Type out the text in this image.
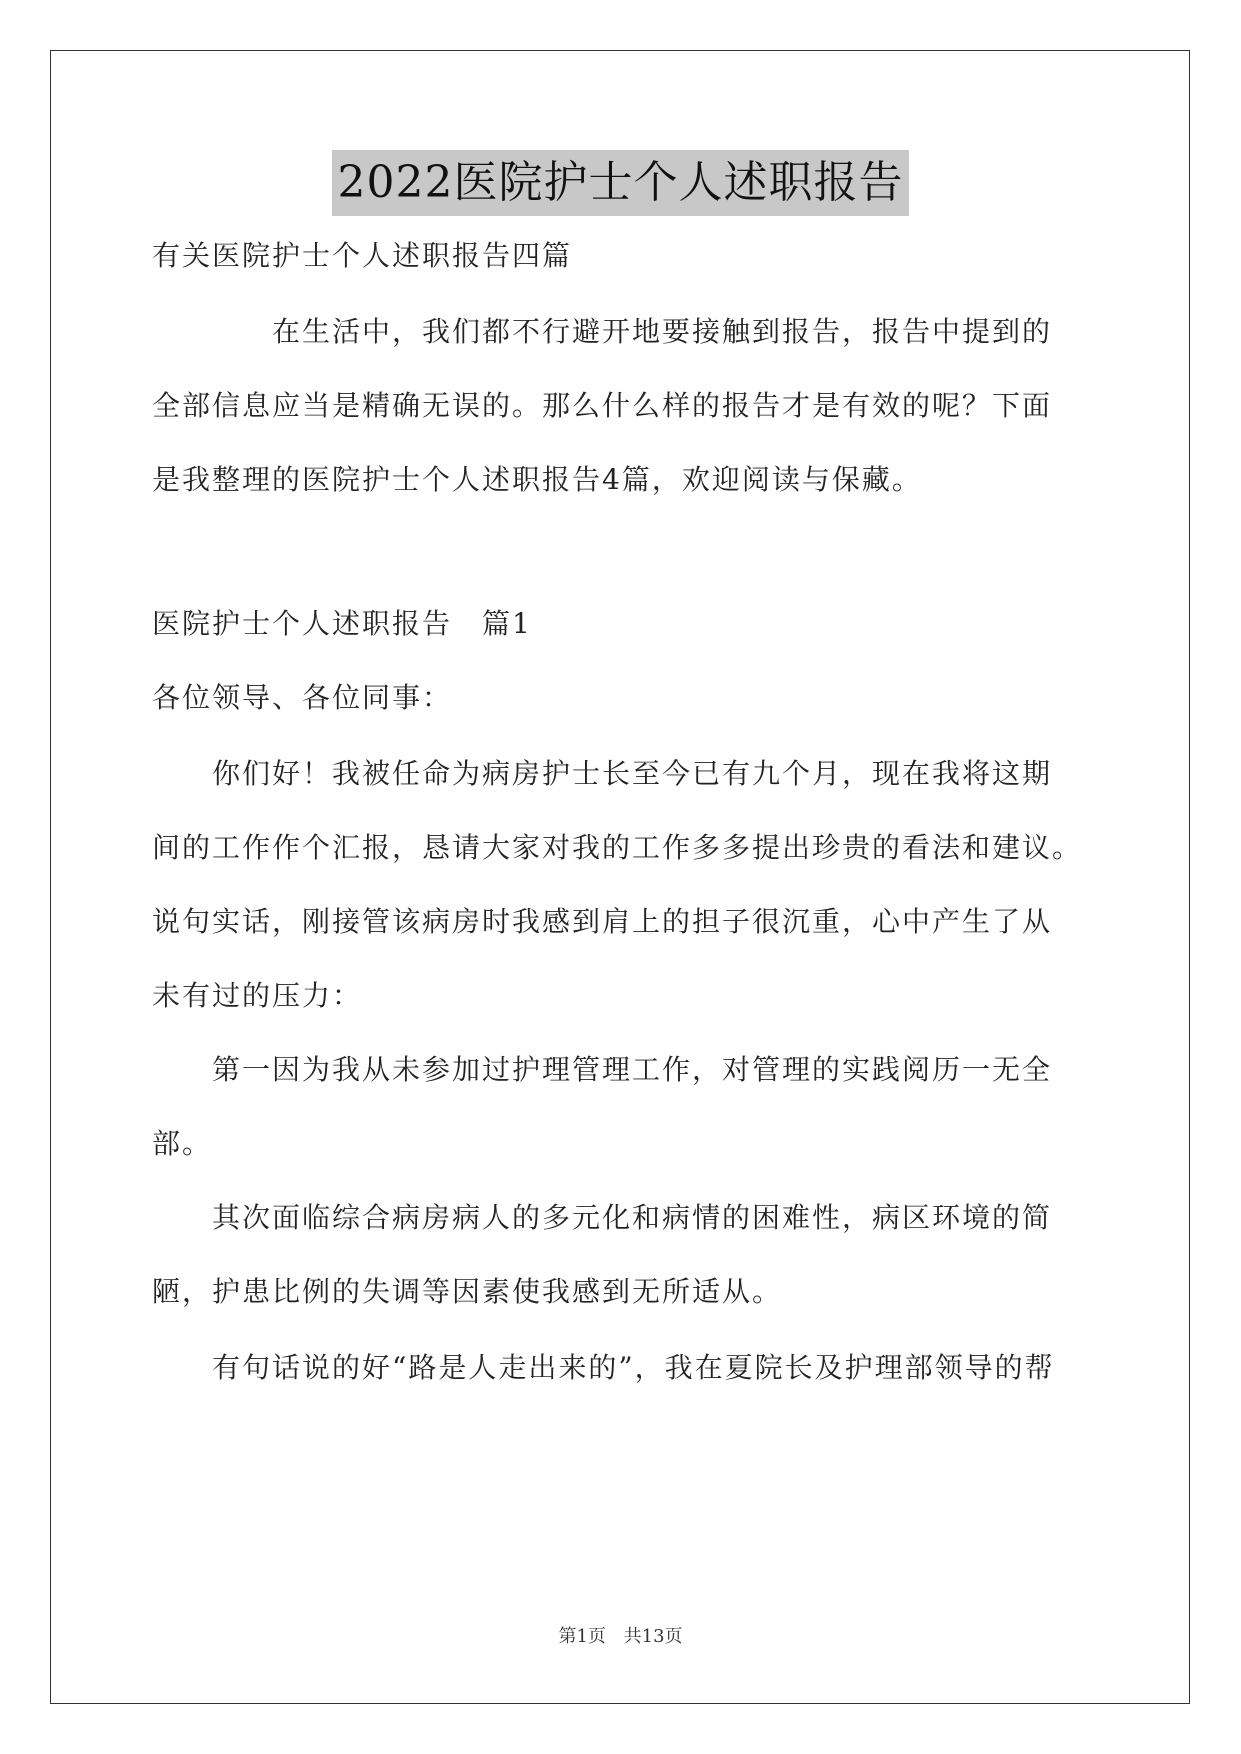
2022医院护士个人述职报告
有关医院护士个人述职报告四篇
　　　　在生活中，我们都不行避开地要接触到报告，报告中提到的
全部信息应当是精确无误的。那么什么样的报告才是有效的呢？下面
是我整理的医院护士个人述职报告4篇，欢迎阅读与保藏。
医院护士个人述职报告　篇1
各位领导、各位同事：
　　你们好！我被任命为病房护士长至今已有九个月，现在我将这期
间的工作作个汇报，恳请大家对我的工作多多提出珍贵的看法和建议。
说句实话，刚接管该病房时我感到肩上的担子很沉重，心中产生了从
未有过的压力：
　　第一因为我从未参加过护理管理工作，对管理的实践阅历一无全
部。
　　其次面临综合病房病人的多元化和病情的困难性，病区环境的简
陋，护患比例的失调等因素使我感到无所适从。
　　有句话说的好“路是人走出来的”，我在夏院长及护理部领导的帮
第1页 共13页
